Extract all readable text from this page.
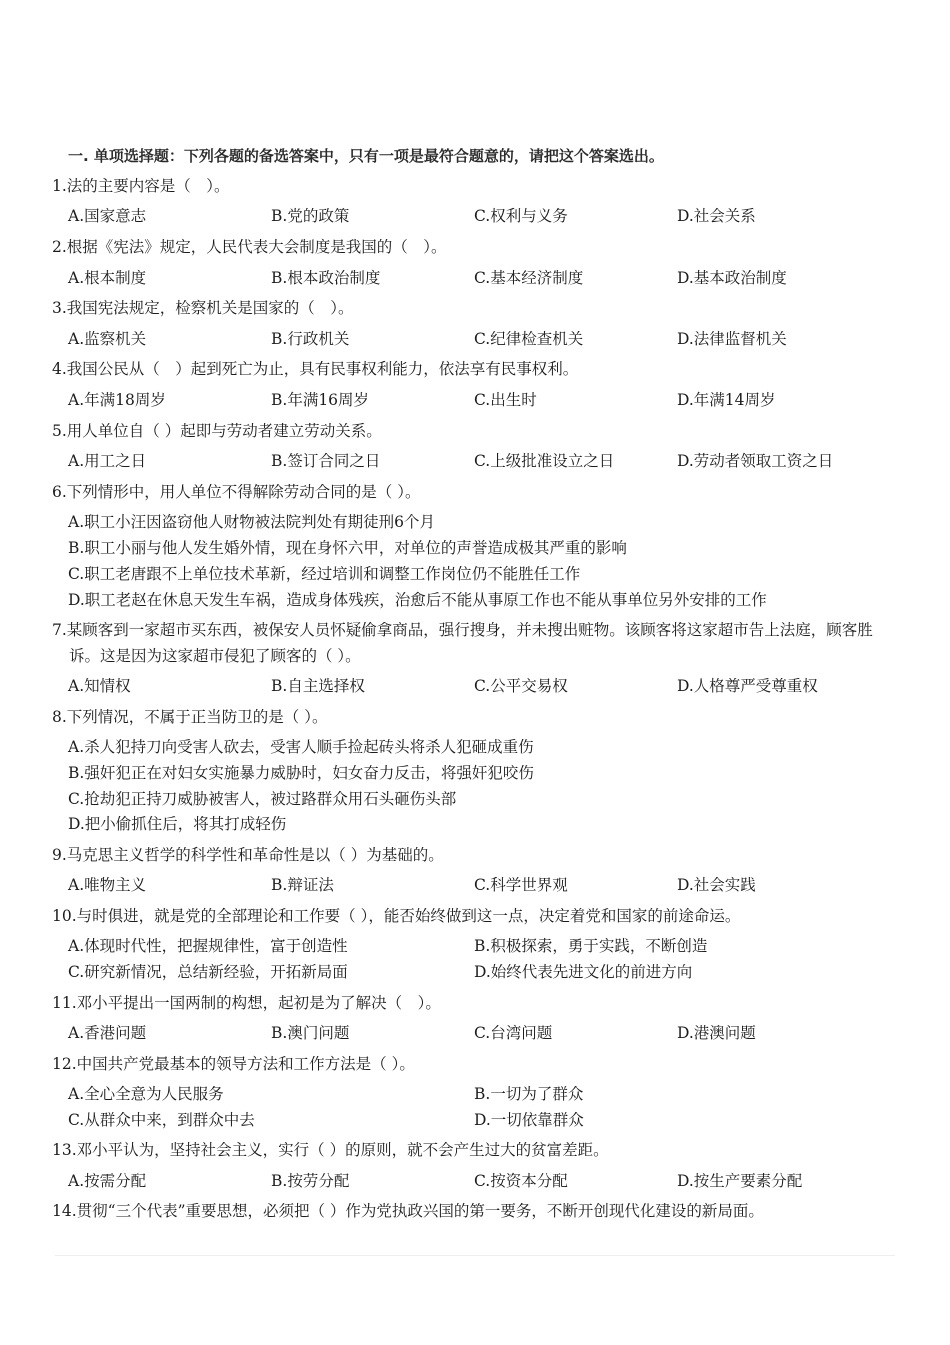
一. 单项选择题：下列各题的备选答案中，只有一项是最符合题意的，请把这个答案选出。
1.法的主要内容是（　）。
A.国家意志	B.党的政策	C.权利与义务	D.社会关系
2.根据《宪法》规定，人民代表大会制度是我国的（　）。
A.根本制度	B.根本政治制度	C.基本经济制度	D.基本政治制度
3.我国宪法规定，检察机关是国家的（　）。
A.监察机关	B.行政机关	C.纪律检查机关	D.法律监督机关
4.我国公民从（　）起到死亡为止，具有民事权利能力，依法享有民事权利。
A.年满18周岁	B.年满16周岁	C.出生时	D.年满14周岁
5.用人单位自（ ）起即与劳动者建立劳动关系。
A.用工之日	B.签订合同之日	C.上级批准设立之日	D.劳动者领取工资之日
6.下列情形中，用人单位不得解除劳动合同的是（ ）。
A.职工小汪因盗窃他人财物被法院判处有期徒刑6个月
B.职工小丽与他人发生婚外情，现在身怀六甲，对单位的声誉造成极其严重的影响
C.职工老唐跟不上单位技术革新，经过培训和调整工作岗位仍不能胜任工作
D.职工老赵在休息天发生车祸，造成身体残疾，治愈后不能从事原工作也不能从事单位另外安排的工作
7.某顾客到一家超市买东西，被保安人员怀疑偷拿商品，强行搜身，并未搜出赃物。该顾客将这家超市告上法庭，顾客胜诉。这是因为这家超市侵犯了顾客的（ ）。
A.知情权	B.自主选择权	C.公平交易权	D.人格尊严受尊重权
8.下列情况，不属于正当防卫的是（ ）。
A.杀人犯持刀向受害人砍去，受害人顺手捡起砖头将杀人犯砸成重伤
B.强奸犯正在对妇女实施暴力威胁时，妇女奋力反击，将强奸犯咬伤
C.抢劫犯正持刀威胁被害人，被过路群众用石头砸伤头部
D.把小偷抓住后，将其打成轻伤
9.马克思主义哲学的科学性和革命性是以（ ）为基础的。
A.唯物主义	B.辩证法	C.科学世界观	D.社会实践
10.与时俱进，就是党的全部理论和工作要（ ），能否始终做到这一点，决定着党和国家的前途命运。
A.体现时代性，把握规律性，富于创造性	B.积极探索，勇于实践，不断创造
C.研究新情况，总结新经验，开拓新局面	D.始终代表先进文化的前进方向
11.邓小平提出一国两制的构想，起初是为了解决（　）。
A.香港问题	B.澳门问题	C.台湾问题	D.港澳问题
12.中国共产党最基本的领导方法和工作方法是（ ）。
A.全心全意为人民服务	B.一切为了群众
C.从群众中来，到群众中去	D.一切依靠群众
13.邓小平认为，坚持社会主义，实行（ ）的原则，就不会产生过大的贫富差距。
A.按需分配	B.按劳分配	C.按资本分配	D.按生产要素分配
14.贯彻“三个代表”重要思想，必须把（ ）作为党执政兴国的第一要务，不断开创现代化建设的新局面。
